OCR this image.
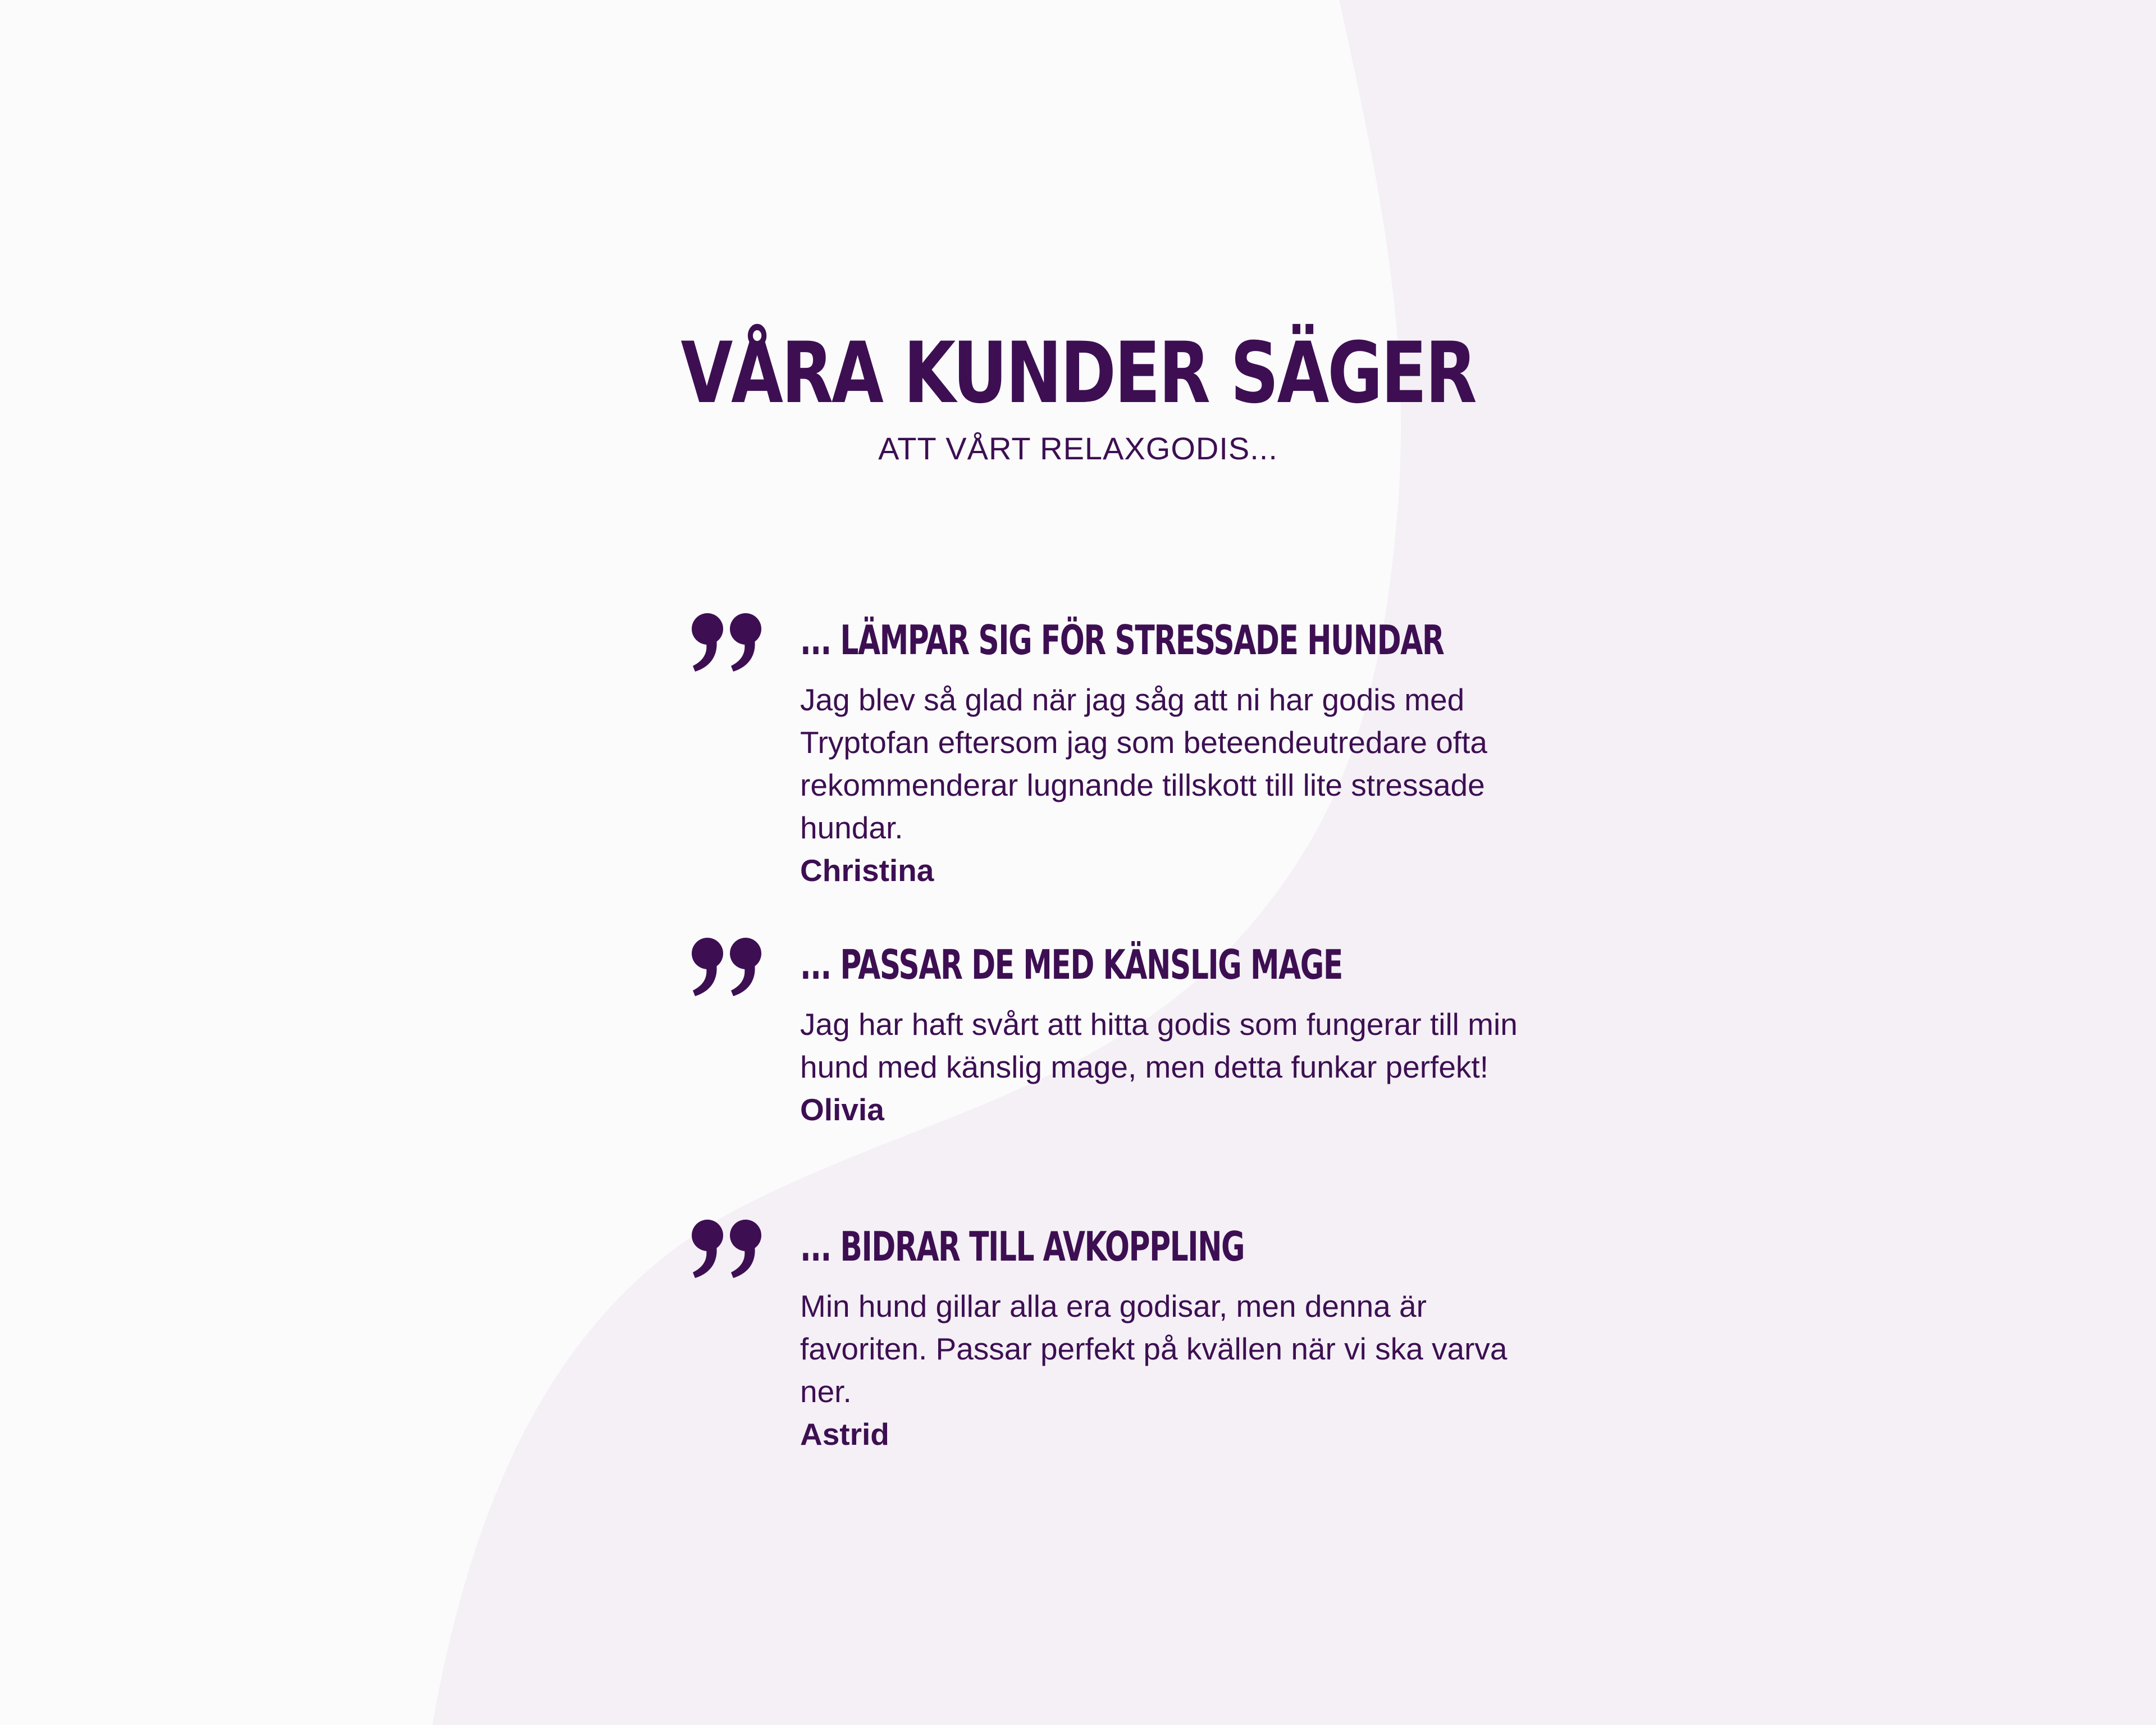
VÅRA KUNDER SÄGER

ATT VÅRT RELAXGODIS...

... LÄMPAR SIG FÖR STRESSADE HUNDAR

Jag blev så glad när jag såg att ni har godis med Tryptofan eftersom jag som beteendeutredare ofta rekommenderar lugnande tillskott till lite stressade hundar.

Christina
... PASSAR DE MED KÄNSLIG MAGE

Jag har haft svårt att hitta godis som fungerar till min hund med känslig mage, men detta funkar perfekt!

Olivia
... BIDRAR TILL AVKOPPLING

Min hund gillar alla era godisar, men denna är favoriten. Passar perfekt på kvällen när vi ska varva ner.

Astrid
